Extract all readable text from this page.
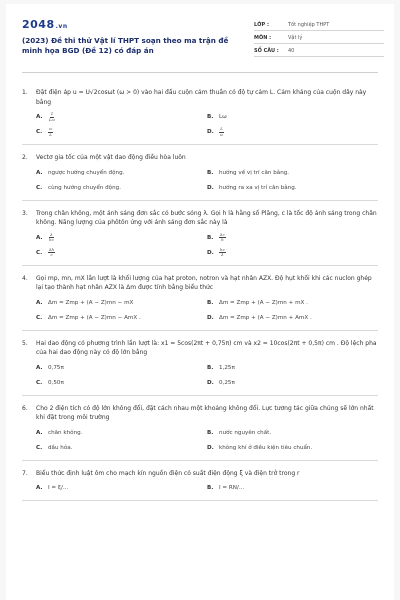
2048.vn
(2023) Đề thi thử Vật lí THPT soạn theo ma trận đề minh họa BGD (Đề 12) có đáp án
LỚP :	Tốt nghiệp THPT
MÔN :	Vật lý
SỐ CÂU :	40
1.	Đặt điện áp u = U√2cosωt (ω > 0) vào hai đầu cuộn cảm thuần có độ tự cảm L. Cảm kháng của cuộn dây này bằng
A.	$\frac{1}{L\omega}$	B.	Lω
C.	$\frac{\omega}{L}$	D.	$\frac{L}{\omega}$
2.	Vectơ gia tốc của một vật dao động điều hòa luôn
A. ngược hướng chuyển động.	B.	hướng về vị trí cân bằng.
C.	cùng hướng chuyển động.	D. hướng ra xa vị trí cân bằng.
3.	Trong chân không, một ánh sáng đơn sắc có bước sóng λ. Gọi h là hằng số Plăng, c là tốc độ ánh sáng trong chân không. Năng lượng của phôtôn ứng với ánh sáng đơn sắc này là
A.	$\frac{\lambda}{hc}$	B.	$\frac{\lambda c}{h}$
C.	$\frac{\lambda h}{c}$	D.	$\frac{hc}{\lambda}$
4.	Gọi mp, mn, mX lần lượt là khối lượng của hạt proton, notron và hạt nhân AZX. Độ hụt khối khi các nuclon ghép lại tạo thành hạt nhân AZX là Δm được tính bằng biểu thức
A. Δm = Zmp + (A − Z)mn − mX	B.	Δm = Zmp + (A − Z)mn + mX .
C.	Δm = Zmp + (A − Z)mn − AmX .	D. Δm = Zmp + (A − Z)mn + AmX .
5.	Hai dao động có phương trình lần lượt là: x1 = 5cos(2πt + 0,75π) cm và x2 = 10cos(2πt + 0,5π) cm . Độ lệch pha của hai dao động này có độ lớn bằng
A. 0,75π	B.	1,25π
C.	0,50π	D. 0,25π
6.	Cho 2 điện tích có độ lớn không đổi, đặt cách nhau một khoảng không đổi. Lực tương tác giữa chúng sẽ lớn nhất khi đặt trong môi trường
A. chân không.	B.	nước nguyên chất.
C.	dầu hỏa.	D. không khí ở điều kiện tiêu chuẩn.
7.	Biểu thức định luật ôm cho mạch kín nguồn điện có suất điện động ξ và điện trở trong r
A. I = ξ/…	B.	I = RN/…
